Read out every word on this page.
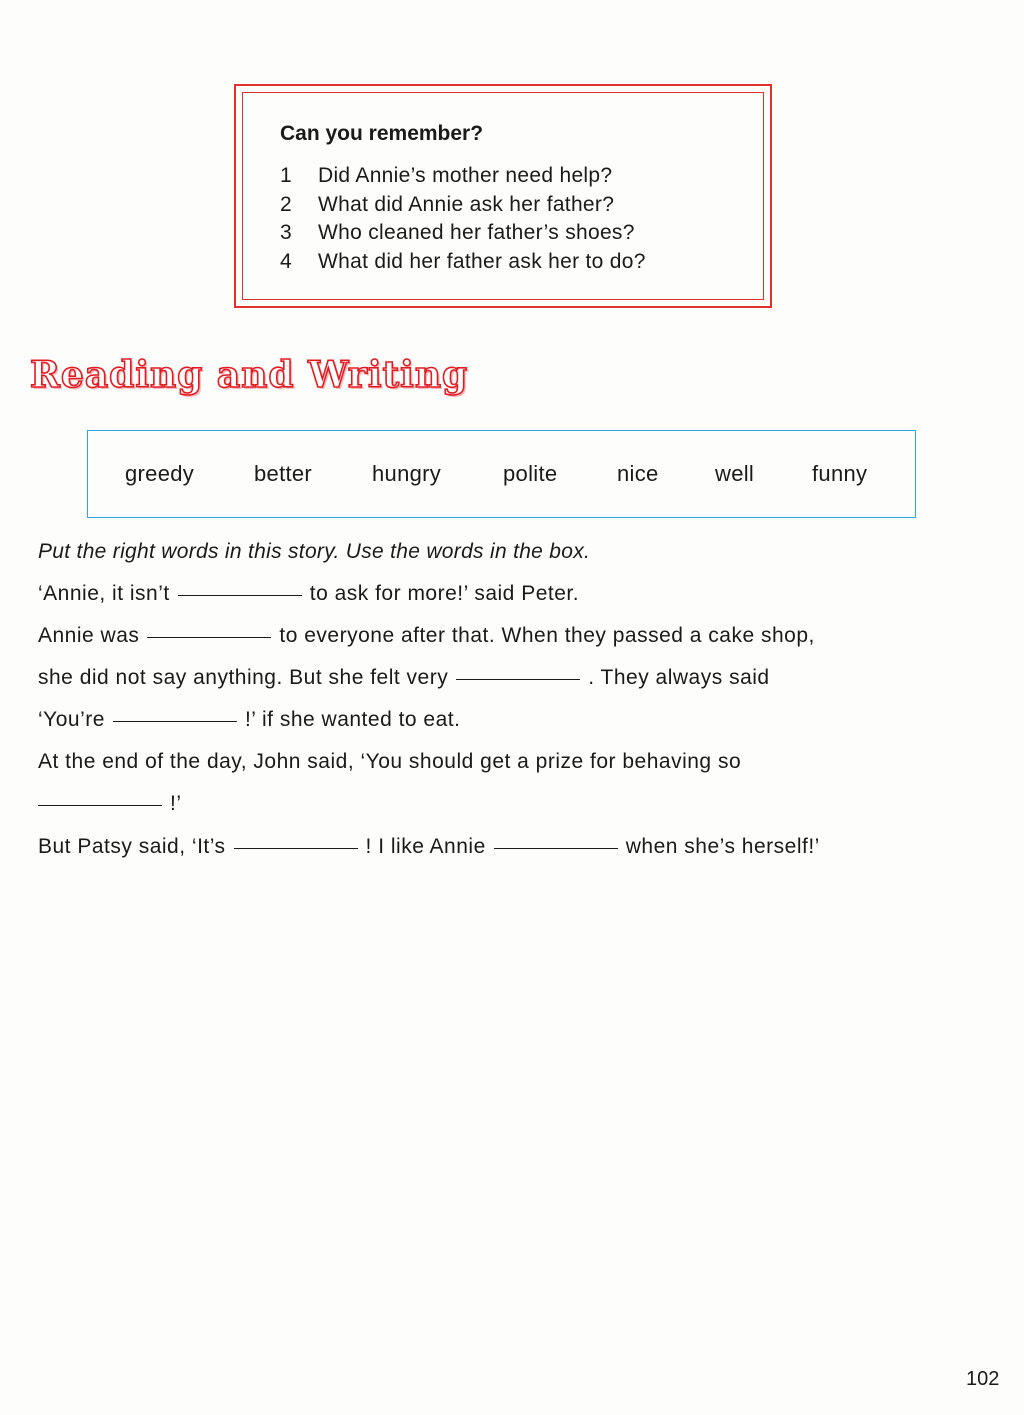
Can you remember?
1	Did Annie’s mother need help?
2	What did Annie ask her father?
3	Who cleaned her father’s shoes?
4	What did her father ask her to do?
Reading and Writing
greedy	better	hungry	polite	nice	well	funny
Put the right words in this story. Use the words in the box.
‘Annie, it isn’t	to ask for more!’ said Peter.
Annie was	to everyone after that. When they passed a cake shop,
she did not say anything. But she felt very	. They always said
‘You’re	!’ if she wanted to eat.
At the end of the day, John said, ‘You should get a prize for behaving so
!’
But Patsy said, ‘It’s	! I like Annie	when she’s herself!’
102
